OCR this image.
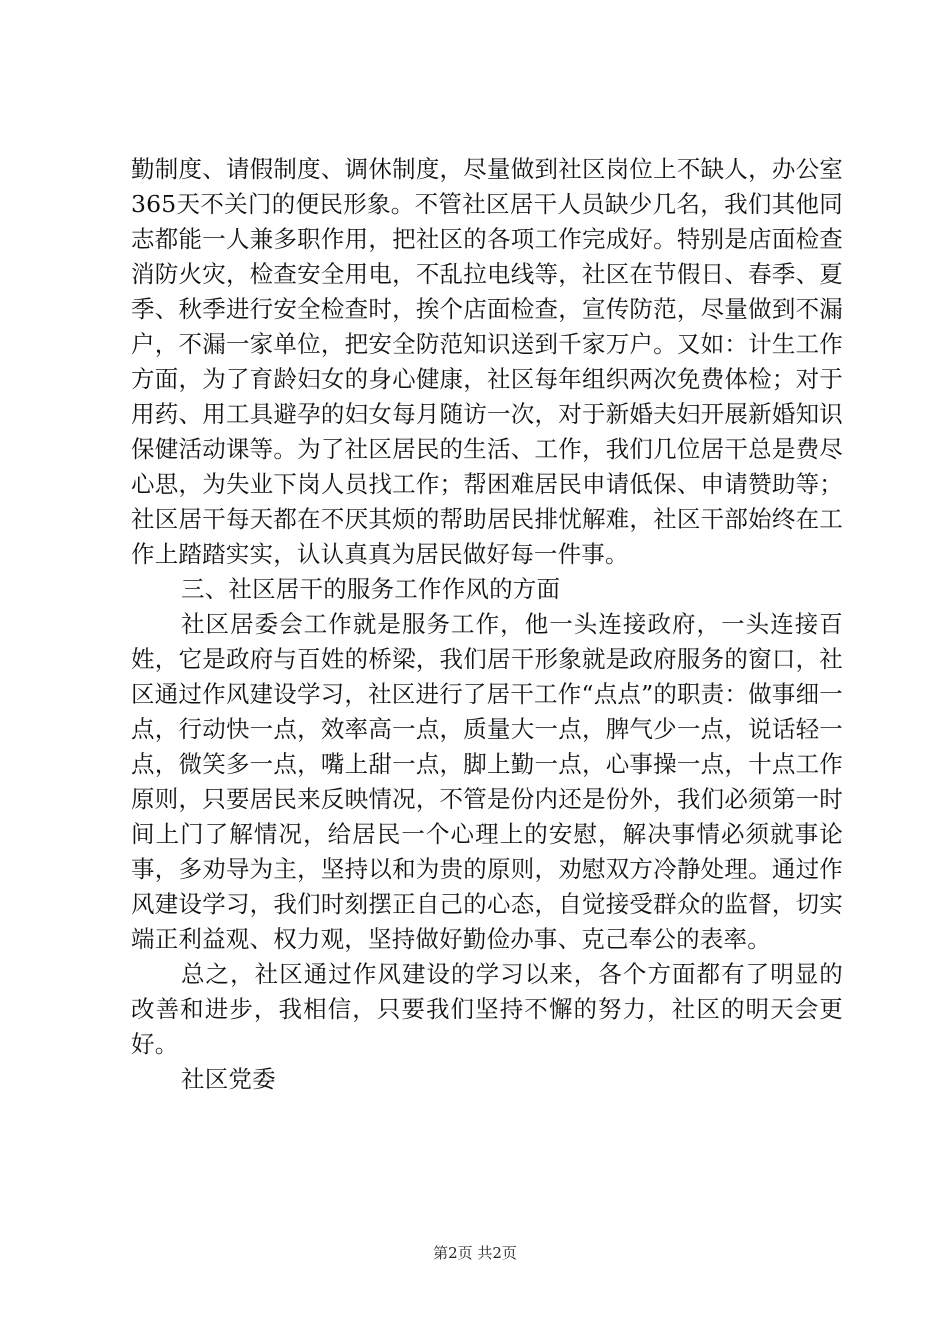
勤制度、请假制度、调休制度，尽量做到社区岗位上不缺人，办公室365天不关门的便民形象。不管社区居干人员缺少几名，我们其他同志都能一人兼多职作用，把社区的各项工作完成好。特别是店面检查消防火灾，检查安全用电，不乱拉电线等，社区在节假日、春季、夏季、秋季进行安全检查时，挨个店面检查，宣传防范，尽量做到不漏户，不漏一家单位，把安全防范知识送到千家万户。又如：计生工作方面，为了育龄妇女的身心健康，社区每年组织两次免费体检；对于用药、用工具避孕的妇女每月随访一次，对于新婚夫妇开展新婚知识保健活动课等。为了社区居民的生活、工作，我们几位居干总是费尽心思，为失业下岗人员找工作；帮困难居民申请低保、申请赞助等；社区居干每天都在不厌其烦的帮助居民排忧解难，社区干部始终在工作上踏踏实实，认认真真为居民做好每一件事。

三、社区居干的服务工作作风的方面

社区居委会工作就是服务工作，他一头连接政府，一头连接百姓，它是政府与百姓的桥梁，我们居干形象就是政府服务的窗口，社区通过作风建设学习，社区进行了居干工作“点点”的职责：做事细一点，行动快一点，效率高一点，质量大一点，脾气少一点，说话轻一点，微笑多一点，嘴上甜一点，脚上勤一点，心事操一点，十点工作原则，只要居民来反映情况，不管是份内还是份外，我们必须第一时间上门了解情况，给居民一个心理上的安慰，解决事情必须就事论事，多劝导为主，坚持以和为贵的原则，劝慰双方冷静处理。通过作风建设学习，我们时刻摆正自己的心态，自觉接受群众的监督，切实端正利益观、权力观，坚持做好勤俭办事、克己奉公的表率。

总之，社区通过作风建设的学习以来，各个方面都有了明显的改善和进步，我相信，只要我们坚持不懈的努力，社区的明天会更好。

社区党委

第2页 共2页
